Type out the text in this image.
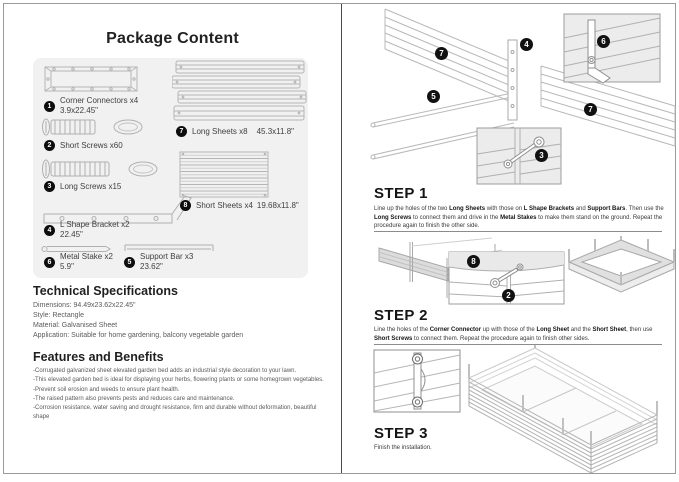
Package Content
1
Corner Connectors x4
3.9x22.45"
2	Short Screws x60
3	Long Screws x15
4
L Shape Bracket x2
22.45"
6
Metal Stake x2
5.9"	5
Support Bar x3
23.62"
7	Long Sheets x8 45.3x11.8"
8	Short Sheets x4 19.68x11.8"
Technical Specifications
Dimensions: 94.49x23.62x22.45"
Style: Rectangle
Material: Galvanised Sheet
Application: Suitable for home gardening, balcony vegetable garden
Features and Benefits
-Corrugated galvanized sheet elevated garden bed adds an industrial style decoration to your lawn.
-This elevated garden bed is ideal for displaying your herbs, flowering plants or some homegrown vegetables.
-Prevent soil erosion and weeds to ensure plant health.
-The raised pattern also prevents pests and reduces care and maintenance.
-Corrosion resistance, water saving and drought resistance, firm and durable without deformation, beautiful shape
7
4	6
5
7
3
STEP 1
Line up the holes of the two Long Sheets with those on L Shape Brackets and Support Bars. Then use the Long Screws to connect them and drive in the Metal Stakes to make them stand on the ground. Repeat the procedure again to finish the other side.
8
2
STEP 2
Line the holes of the Corner Connector up with those of the Long Sheet and the Short Sheet, then use Short Screws to connect them. Repeat the procedure again to finish other sides.
STEP 3
Finish the installation.
